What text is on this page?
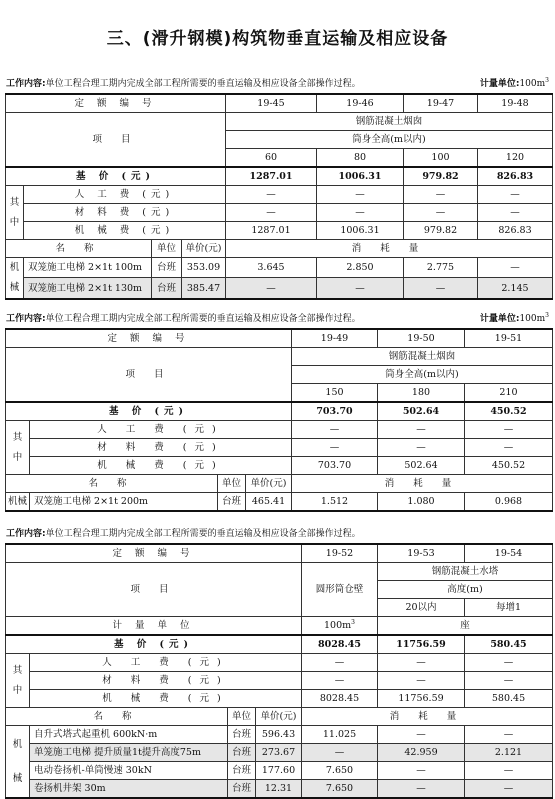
三、(滑升钢模)构筑物垂直运输及相应设备
工作内容:单位工程合理工期内完成全部工程所需要的垂直运输及相应设备全部操作过程。	计量单位$:100m^3$
定 额 编 号				19-45	19-46	19-47	19-48
项 目				钢筋混凝土烟囱			
				筒身全高(m以内)			
				60	80	100	120
基 价 (元)				1287.01	1006.31	979.82	826.83
其
中	人 工 费 (元)			—	—	—	—
	材 料 费 (元)			—	—	—	—
	机 械 费 (元)			1287.01	1006.31	979.82	826.83
名 称		单位	单价(元)	消 耗 量			
机
械	双笼施工电梯 2×1t 100m	台班	353.09	3.645	2.850	2.775	—
	双笼施工电梯 2×1t 130m	台班	385.47	—	—	—	2.145
工作内容:单位工程合理工期内完成全部工程所需要的垂直运输及相应设备全部操作过程。	计量单位$:100m^3$
定 额 编 号				19-49	19-50	19-51
项 目				钢筋混凝土烟囱		
				筒身全高(m以内)		
				150	180	210
基 价 (元)				703.70	502.64	450.52
其
中	人 工 费 (元)			—	—	—
	材 料 费 (元)			—	—	—
	机 械 费 (元)			703.70	502.64	450.52
名 称		单位	单价(元)	消 耗 量		
机械	双笼施工电梯 2×1t 200m	台班	465.41	1.512	1.080	0.968
工作内容:单位工程合理工期内完成全部工程所需要的垂直运输及相应设备全部操作过程。
定 额 编 号				19-52	19-53	19-54
项 目				圆形筒仓壁	钢筋混凝土水塔	
					高度(m)	
					20以内	每增1
计 量 单 位				$100m^3$	座	
基 价 (元)				8028.45	11756.59	580.45
其
中	人 工 费 (元)			—	—	—
	材 料 费 (元)			—	—	—
	机 械 费 (元)			8028.45	11756.59	580.45
名 称		单位	单价(元)	消 耗 量		
机
械	自升式塔式起重机 600kN·m	台班	596.43	11.025	—	—
	单笼施工电梯 提升质量1t提升高度75m	台班	273.67	—	42.959	2.121
	电动卷扬机-单筒慢速 30kN	台班	177.60	7.650	—	—
	卷扬机井架 30m	台班	12.31	7.650	—	—
